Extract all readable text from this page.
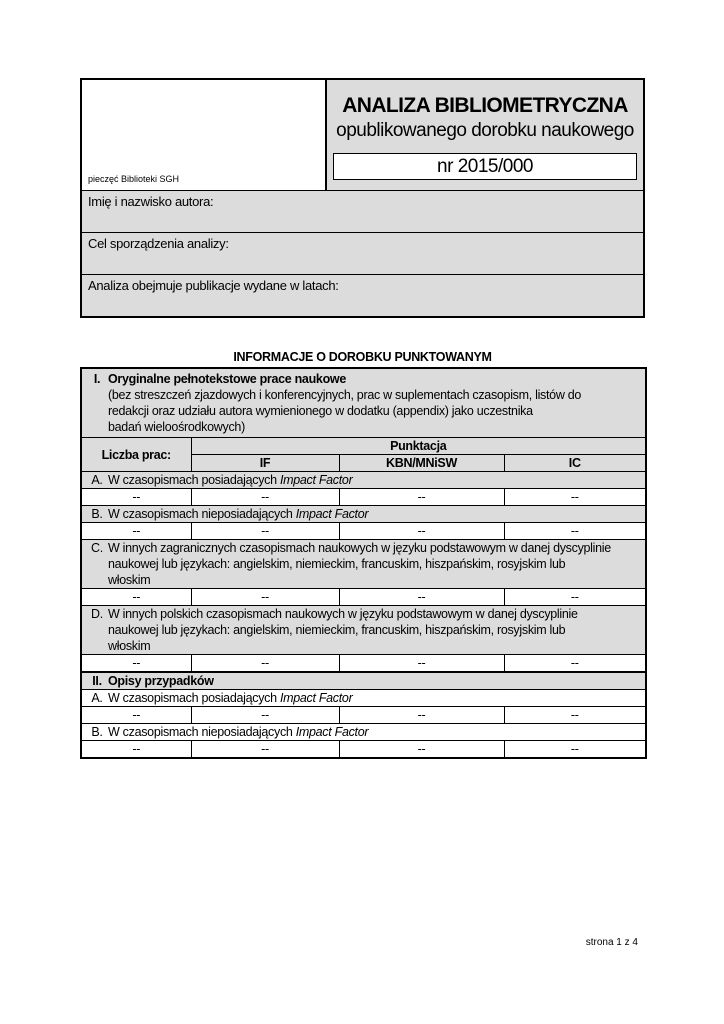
pieczęć Biblioteki SGH
ANALIZA BIBLIOMETRYCZNA
opublikowanego dorobku naukowego
nr 2015/000
Imię i nazwisko autora:
Cel sporządzenia analizy:
Analiza obejmuje publikacje wydane w latach:
INFORMACJE O DOROBKU PUNKTOWANYM
I. Oryginalne pełnotekstowe prace naukowe
(bez streszczeń zjazdowych i konferencyjnych, prac w suplementach czasopism, listów do
redakcji oraz udziału autora wymienionego w dodatku (appendix) jako uczestnika
badań wieloośrodkowych)			
Liczba prac:	Punktacja		
	IF	KBN/MNiSW	IC
A. W czasopismach posiadających Impact Factor			
--	--	--	--
B. W czasopismach nieposiadających Impact Factor			
--	--	--	--
C. W innych zagranicznych czasopismach naukowych w języku podstawowym w danej dyscyplinie
naukowej lub językach: angielskim, niemieckim, francuskim, hiszpańskim, rosyjskim lub
włoskim			
--	--	--	--
D. W innych polskich czasopismach naukowych w języku podstawowym w danej dyscyplinie
naukowej lub językach: angielskim, niemieckim, francuskim, hiszpańskim, rosyjskim lub
włoskim			
--	--	--	--
II. Opisy przypadków			
A. W czasopismach posiadających Impact Factor			
--	--	--	--
B. W czasopismach nieposiadających Impact Factor			
--	--	--	--
strona 1 z 4
